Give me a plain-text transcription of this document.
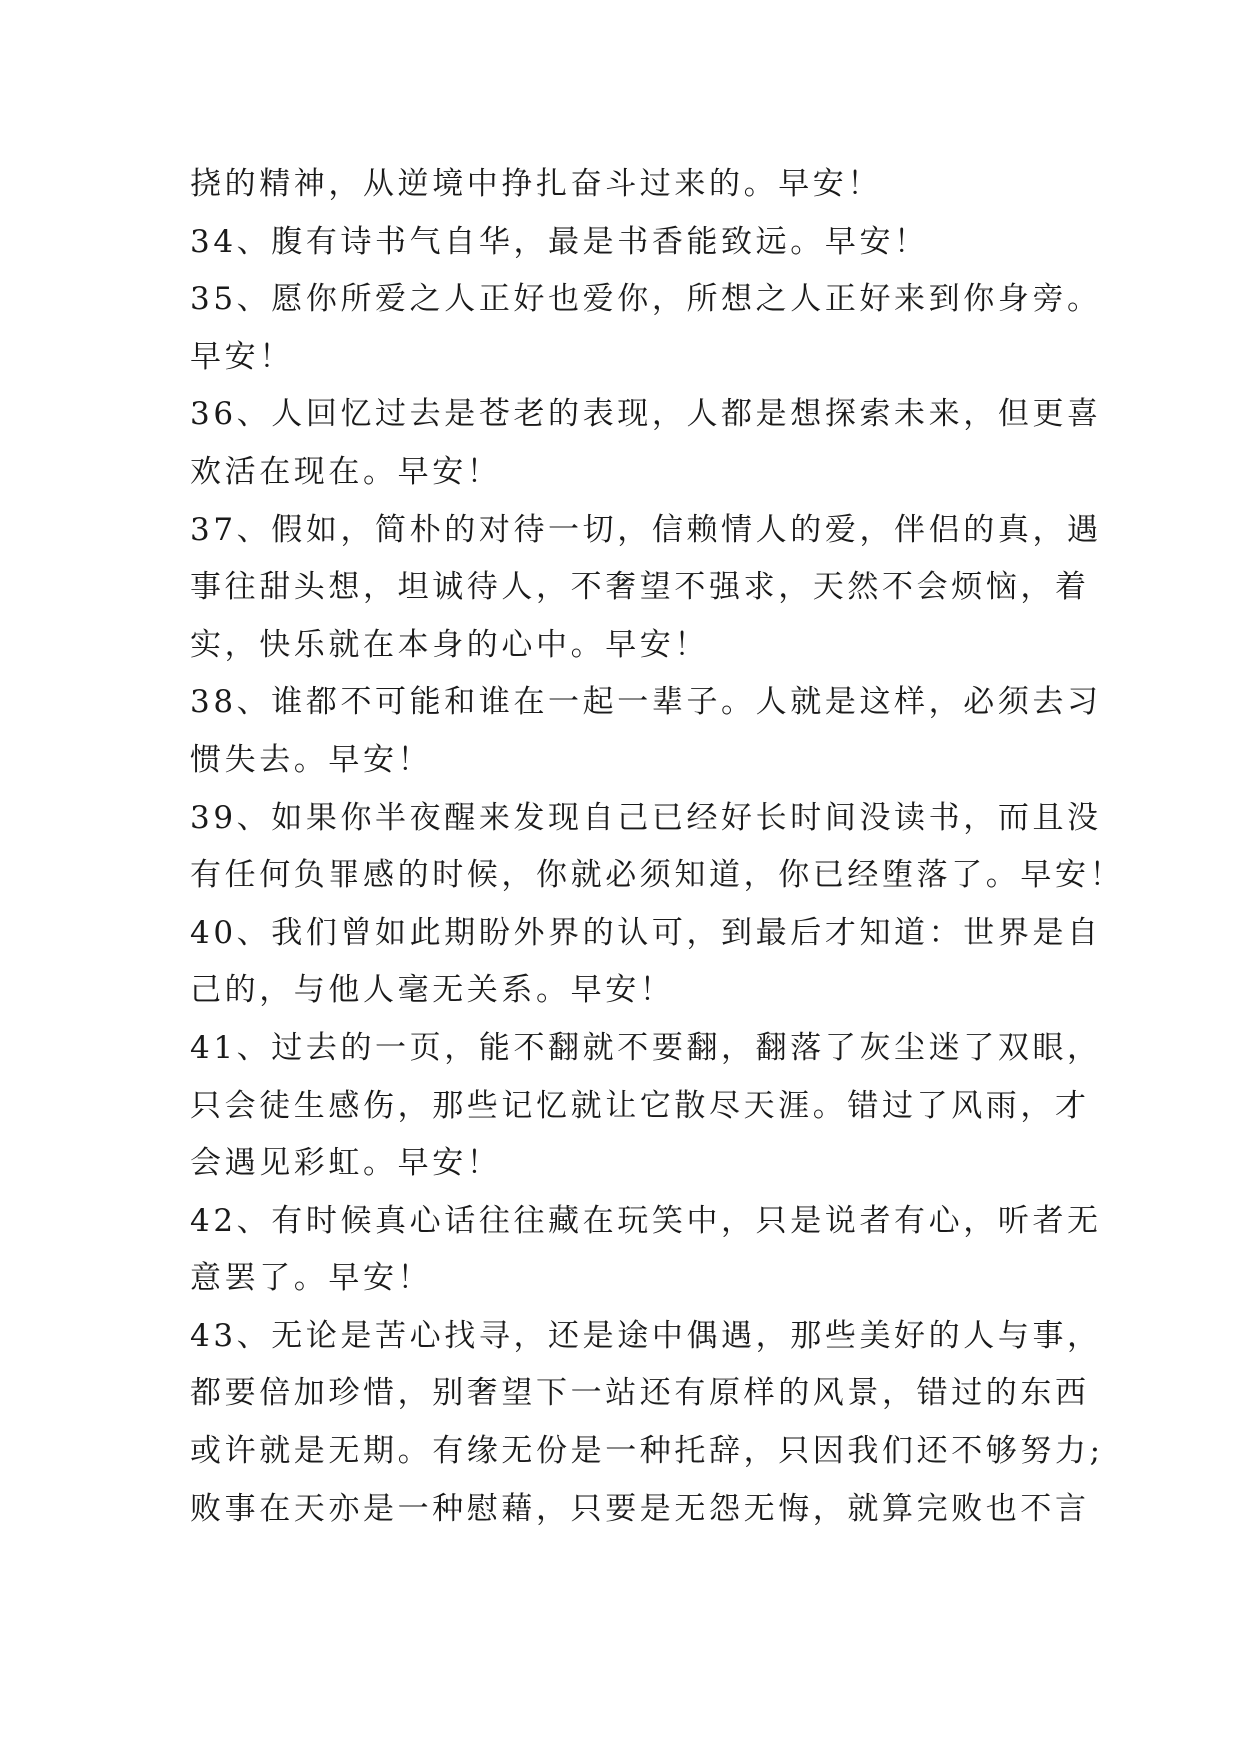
挠的精神，从逆境中挣扎奋斗过来的。早安！
34、腹有诗书气自华，最是书香能致远。早安！
35、愿你所爱之人正好也爱你，所想之人正好来到你身旁。
早安！
36、人回忆过去是苍老的表现，人都是想探索未来，但更喜
欢活在现在。早安！
37、假如，简朴的对待一切，信赖情人的爱，伴侣的真，遇
事往甜头想，坦诚待人，不奢望不强求，天然不会烦恼，着
实，快乐就在本身的心中。早安！
38、谁都不可能和谁在一起一辈子。人就是这样，必须去习
惯失去。早安！
39、如果你半夜醒来发现自己已经好长时间没读书，而且没
有任何负罪感的时候，你就必须知道，你已经堕落了。早安！
40、我们曾如此期盼外界的认可，到最后才知道：世界是自
己的，与他人毫无关系。早安！
41、过去的一页，能不翻就不要翻，翻落了灰尘迷了双眼，
只会徒生感伤，那些记忆就让它散尽天涯。错过了风雨，才
会遇见彩虹。早安！
42、有时候真心话往往藏在玩笑中，只是说者有心，听者无
意罢了。早安！
43、无论是苦心找寻，还是途中偶遇，那些美好的人与事，
都要倍加珍惜，别奢望下一站还有原样的风景，错过的东西
或许就是无期。有缘无份是一种托辞，只因我们还不够努力;
败事在天亦是一种慰藉，只要是无怨无悔，就算完败也不言
